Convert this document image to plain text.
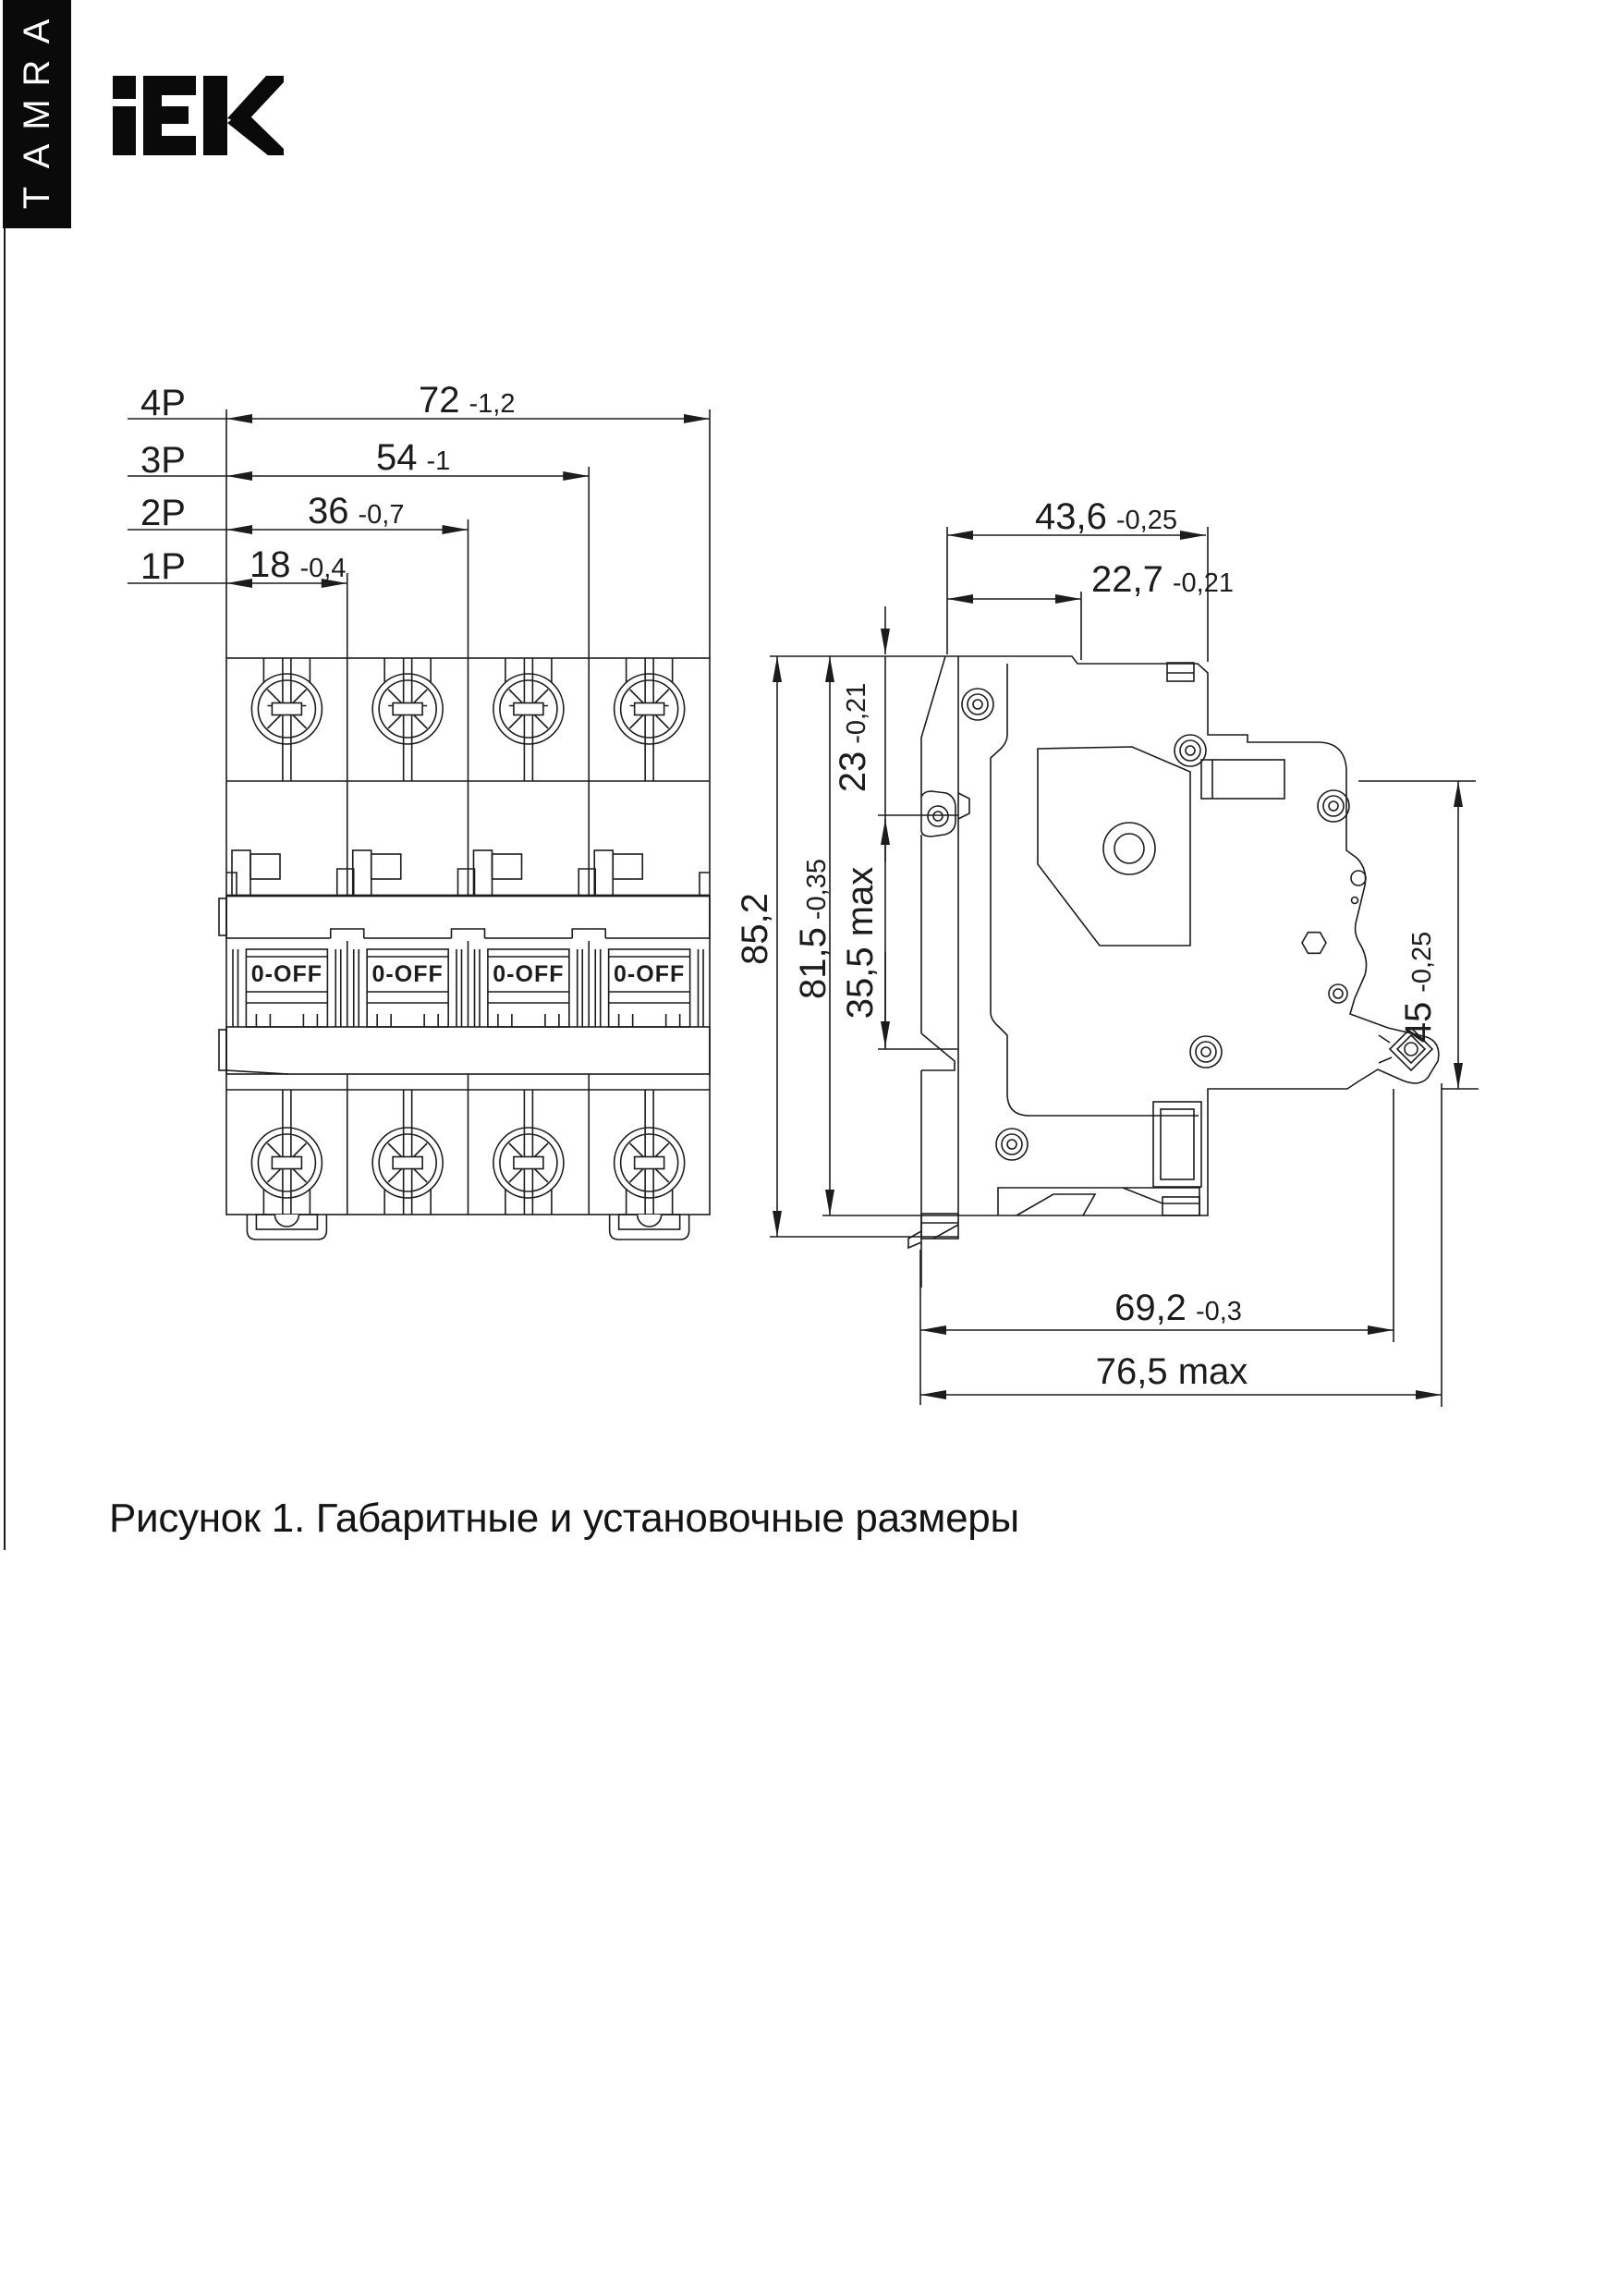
A
R
M
A
T
4P
3P
2P
1P
72 -1,2
54 -1
36 -0,7
18 -0,4
0-OFF 0-OFF 0-OFF 0-OFF
43,6 -0,25
22,7 -0,21
85,2 81,5-0,35
23-0,21
35,5 max
45-0,25
69,2 -0,3
76,5 max
Рисунок 1. Габаритные и установочные размеры
